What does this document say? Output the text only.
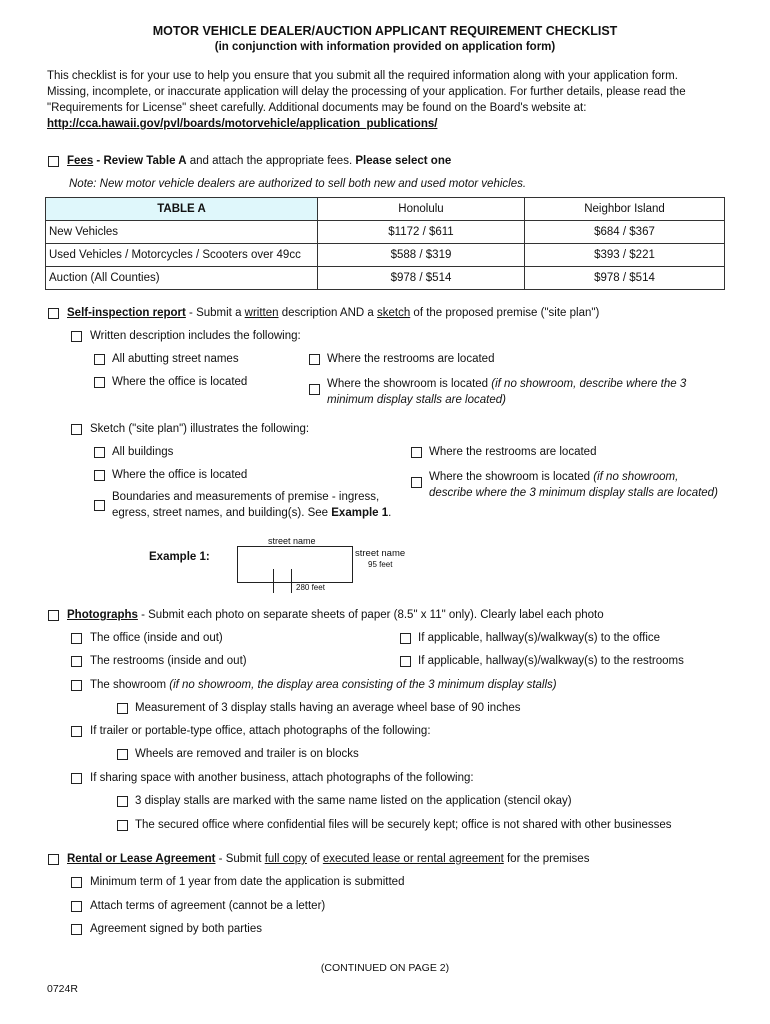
MOTOR VEHICLE DEALER/AUCTION APPLICANT REQUIREMENT CHECKLIST
(in conjunction with information provided on application form)
This checklist is for your use to help you ensure that you submit all the required information along with your application form.
Missing, incomplete, or inaccurate application will delay the processing of your application. For further details, please read the
"Requirements for License" sheet carefully. Additional documents may be found on the Board's website at:
http://cca.hawaii.gov/pvl/boards/motorvehicle/application_publications/
Fees - Review Table A and attach the appropriate fees. Please select one
Note: New motor vehicle dealers are authorized to sell both new and used motor vehicles.
TABLE A	Honolulu	Neighbor Island
New Vehicles	$1172 / $611	$684 / $367
Used Vehicles / Motorcycles / Scooters over 49cc	$588 / $319	$393 / $221
Auction (All Counties)	$978 / $514	$978 / $514
Self-inspection report - Submit a written description AND a sketch of the proposed premise ("site plan")
Written description includes the following:
All abutting street names	Where the restrooms are located
Where the office is located	Where the showroom is located (if no showroom, describe where the 3
minimum display stalls are located)
Sketch ("site plan") illustrates the following:
All buildings	Where the restrooms are located
Where the office is located	Where the showroom is located (if no showroom,
describe where the 3 minimum display stalls are located)
Boundaries and measurements of premise - ingress,
egress, street names, and building(s). See Example 1.
Example 1:
street name
street name
95 feet
280 feet
Photographs - Submit each photo on separate sheets of paper (8.5" x 11" only). Clearly label each photo
The office (inside and out)	If applicable, hallway(s)/walkway(s) to the office
The restrooms (inside and out)	If applicable, hallway(s)/walkway(s) to the restrooms
The showroom (if no showroom, the display area consisting of the 3 minimum display stalls)
Measurement of 3 display stalls having an average wheel base of 90 inches
If trailer or portable-type office, attach photographs of the following:
Wheels are removed and trailer is on blocks
If sharing space with another business, attach photographs of the following:
3 display stalls are marked with the same name listed on the application (stencil okay)
The secured office where confidential files will be securely kept; office is not shared with other businesses
Rental or Lease Agreement - Submit full copy of executed lease or rental agreement for the premises
Minimum term of 1 year from date the application is submitted
Attach terms of agreement (cannot be a letter)
Agreement signed by both parties
(CONTINUED ON PAGE 2)
0724R
